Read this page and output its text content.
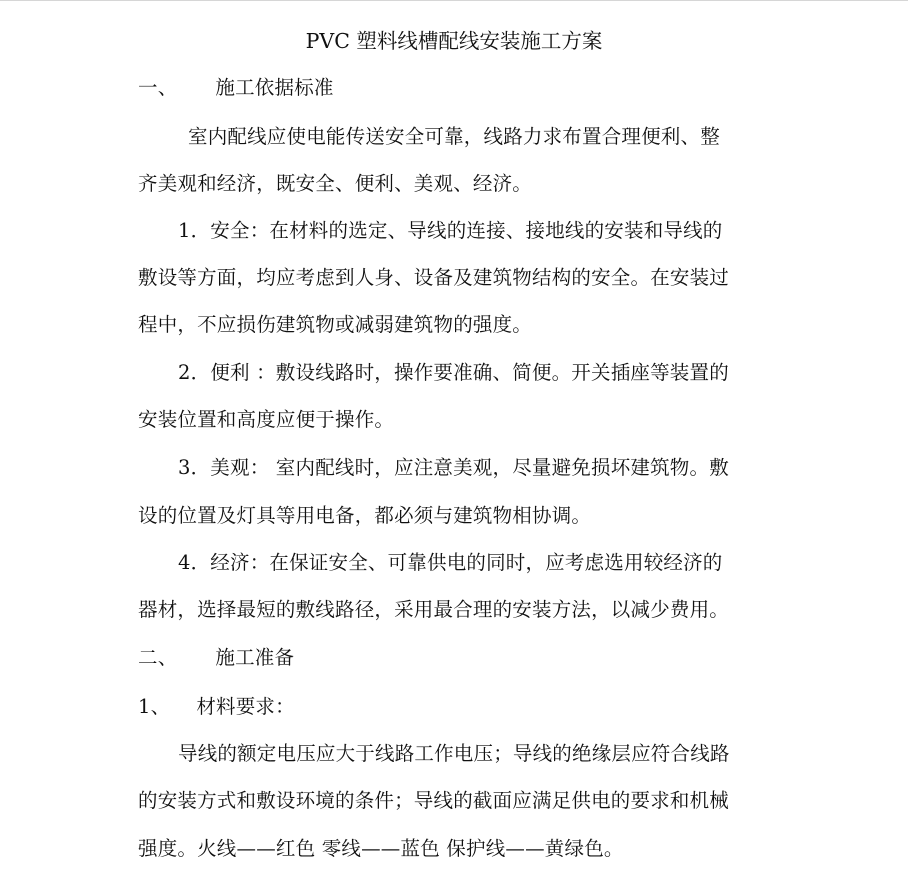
PVC 塑料线槽配线安装施工方案
一、 施工依据标准
室内配线应使电能传送安全可靠，线路力求布置合理便利、整
齐美观和经济，既安全、便利、美观、经济。
1．安全：在材料的选定、导线的连接、接地线的安装和导线的
敷设等方面，均应考虑到人身、设备及建筑物结构的安全。在安装过
程中，不应损伤建筑物或减弱建筑物的强度。
2．便利 ：敷设线路时，操作要准确、简便。开关插座等装置的
安装位置和高度应便于操作。
3．美观： 室内配线时，应注意美观，尽量避免损坏建筑物。敷
设的位置及灯具等用电备，都必须与建筑物相协调。
4．经济：在保证安全、可靠供电的同时，应考虑选用较经济的
器材，选择最短的敷线路径，采用最合理的安装方法，以减少费用。
二、 施工准备
1、 材料要求：
导线的额定电压应大于线路工作电压；导线的绝缘层应符合线路
的安装方式和敷设环境的条件；导线的截面应满足供电的要求和机械
强度。火线——红色 零线——蓝色 保护线——黄绿色。
